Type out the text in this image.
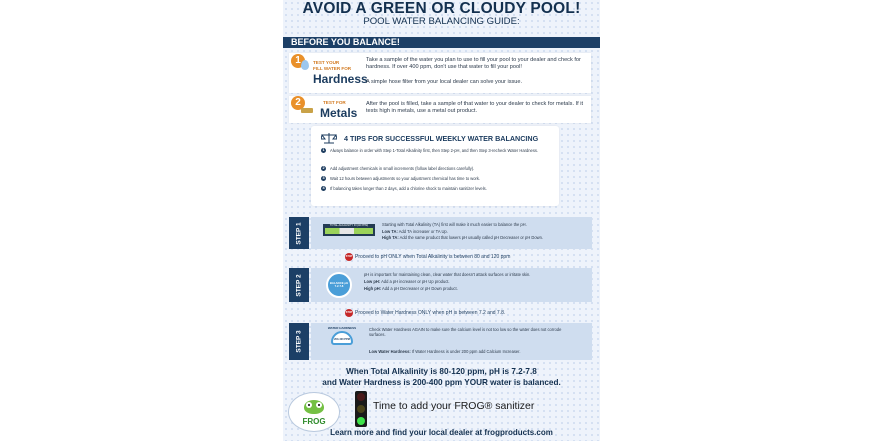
AVOID A GREEN OR CLOUDY POOL!
POOL WATER BALANCING GUIDE:
BEFORE YOU BALANCE!
1	TEST YOUR
FILL WATER FOR
Hardness
Take a sample of the water you plan to use to fill your pool to your dealer and check for hardness. If over 400 ppm, don't use that water to fill your pool!
A simple hose filter from your local dealer can solve your issue.
2	TEST FOR
Metals
After the pool is filled, take a sample of that water to your dealer to check for metals. If it tests high in metals, use a metal out product.
4 TIPS FOR SUCCESSFUL WEEKLY WATER BALANCING
1	Always balance in order with Step 1-Total Alkalinity first, then Step 2-pH, and then Step 3-recheck Water Hardness.
2	Add adjustment chemicals in small increments (follow label directions carefully).
3	Wait 12 hours between adjustments so your adjustment chemical has time to work.
4	If balancing takes longer than 2 days, add a chlorine shock to maintain sanitizer levels.
STEP 1	TOTAL ALKALINITY IN (40 PPM)	Starting with Total Alkalinity (TA) first will make it much easier to balance the pH.
Low TA: Add TA increaser or TA Up.
High TA: Add the same product that lowers pH usually called pH Decreaser or pH Down.
STOP Proceed to pH ONLY when Total Alkalinity is between 80 and 120 ppm
STEP 2	BALANCE pH 7.2-7.8
pH is important for maintaining clean, clear water that doesn't attack surfaces or irritate skin.
Low pH: Add a pH increaser or pH Up product.
High pH: Add a pH Decreaser or pH Down product.
STOP Proceed to Water Hardness ONLY when pH is between 7.2 and 7.8.
STEP 3
WATER HARDNESS
200-400 PPM
Check Water Hardness AGAIN to make sure the calcium level is not too low so the water does not corrode surfaces.
Low Water Hardness: If Water Hardness is under 200 ppm add Calcium Increaser.
When Total Alkalinity is 80-120 ppm, pH is 7.2-7.8
and Water Hardness is 200-400 ppm YOUR water is balanced.
FROG
Time to add your FROG® sanitizer
Learn more and find your local dealer at frogproducts.com
